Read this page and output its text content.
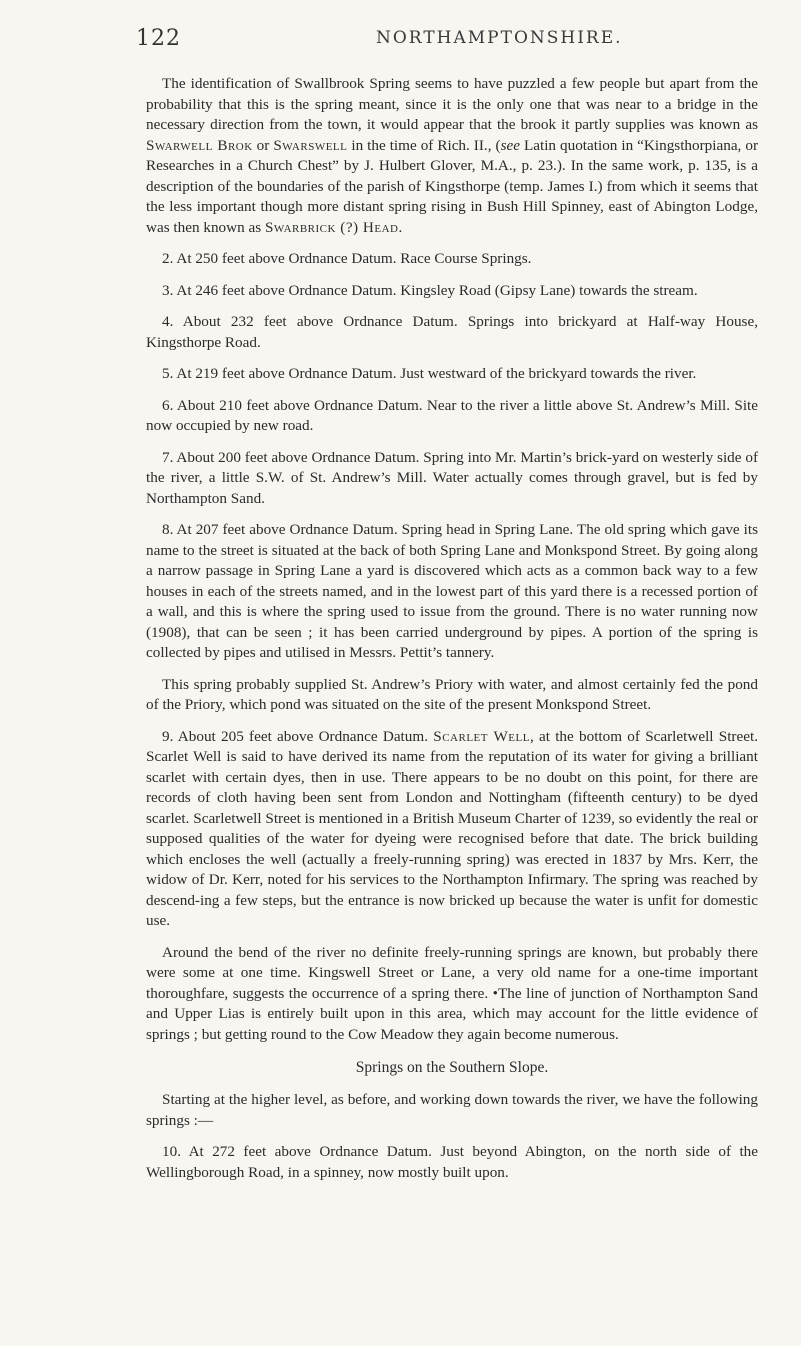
122	NORTHAMPTONSHIRE.

The identification of Swallbrook Spring seems to have puzzled a few people but apart from the probability that this is the spring meant, since it is the only one that was near to a bridge in the necessary direction from the town, it would appear that the brook it partly supplies was known as Swarwell Brok or Swarswell in the time of Rich. II., (see Latin quotation in “Kingsthorpiana, or Researches in a Church Chest” by J. Hulbert Glover, M.A., p. 23.). In the same work, p. 135, is a description of the boundaries of the parish of Kingsthorpe (temp. James I.) from which it seems that the less important though more distant spring rising in Bush Hill Spinney, east of Abington Lodge, was then known as Swarbrick (?) Head.

2. At 250 feet above Ordnance Datum. Race Course Springs.

3. At 246 feet above Ordnance Datum. Kingsley Road (Gipsy Lane) towards the stream.

4. About 232 feet above Ordnance Datum. Springs into brickyard at Half-way House, Kingsthorpe Road.

5. At 219 feet above Ordnance Datum. Just westward of the brickyard towards the river.

6. About 210 feet above Ordnance Datum. Near to the river a little above St. Andrew’s Mill. Site now occupied by new road.

7. About 200 feet above Ordnance Datum. Spring into Mr. Martin’s brick-yard on westerly side of the river, a little S.W. of St. Andrew’s Mill. Water actually comes through gravel, but is fed by Northampton Sand.

8. At 207 feet above Ordnance Datum. Spring head in Spring Lane. The old spring which gave its name to the street is situated at the back of both Spring Lane and Monkspond Street. By going along a narrow passage in Spring Lane a yard is discovered which acts as a common back way to a few houses in each of the streets named, and in the lowest part of this yard there is a recessed portion of a wall, and this is where the spring used to issue from the ground. There is no water running now (1908), that can be seen ; it has been carried underground by pipes. A portion of the spring is collected by pipes and utilised in Messrs. Pettit’s tannery.

This spring probably supplied St. Andrew’s Priory with water, and almost certainly fed the pond of the Priory, which pond was situated on the site of the present Monkspond Street.

9. About 205 feet above Ordnance Datum. Scarlet Well, at the bottom of Scarletwell Street. Scarlet Well is said to have derived its name from the reputation of its water for giving a brilliant scarlet with certain dyes, then in use. There appears to be no doubt on this point, for there are records of cloth having been sent from London and Nottingham (fifteenth century) to be dyed scarlet. Scarletwell Street is mentioned in a British Museum Charter of 1239, so evidently the real or supposed qualities of the water for dyeing were recognised before that date. The brick building which encloses the well (actually a freely-running spring) was erected in 1837 by Mrs. Kerr, the widow of Dr. Kerr, noted for his services to the Northampton Infirmary. The spring was reached by descend-ing a few steps, but the entrance is now bricked up because the water is unfit for domestic use.

Around the bend of the river no definite freely-running springs are known, but probably there were some at one time. Kingswell Street or Lane, a very old name for a one-time important thoroughfare, suggests the occurrence of a spring there. •The line of junction of Northampton Sand and Upper Lias is entirely built upon in this area, which may account for the little evidence of springs ; but getting round to the Cow Meadow they again become numerous.

Springs on the Southern Slope.

Starting at the higher level, as before, and working down towards the river, we have the following springs :—

10. At 272 feet above Ordnance Datum. Just beyond Abington, on the north side of the Wellingborough Road, in a spinney, now mostly built upon.
